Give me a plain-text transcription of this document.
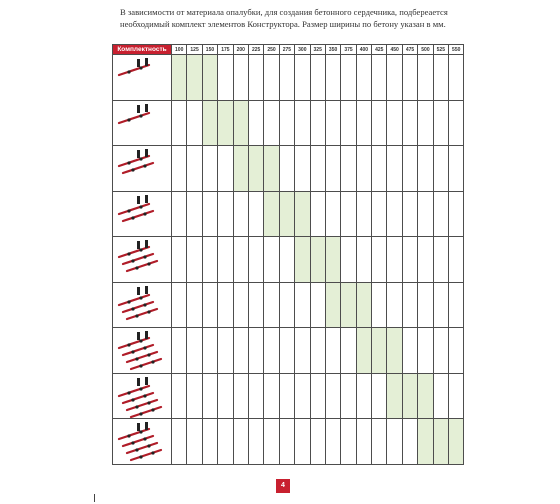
В зависимости от материала опалубки, для создания бетонного сердечника, подбереается необходимый комплект элементов Конструктора. Размер ширины по бетону указан в мм.
Комплектность	100	125	150	175	200	225	250	275	300	325	350	375	400	425	450	475	500	525	550

4
